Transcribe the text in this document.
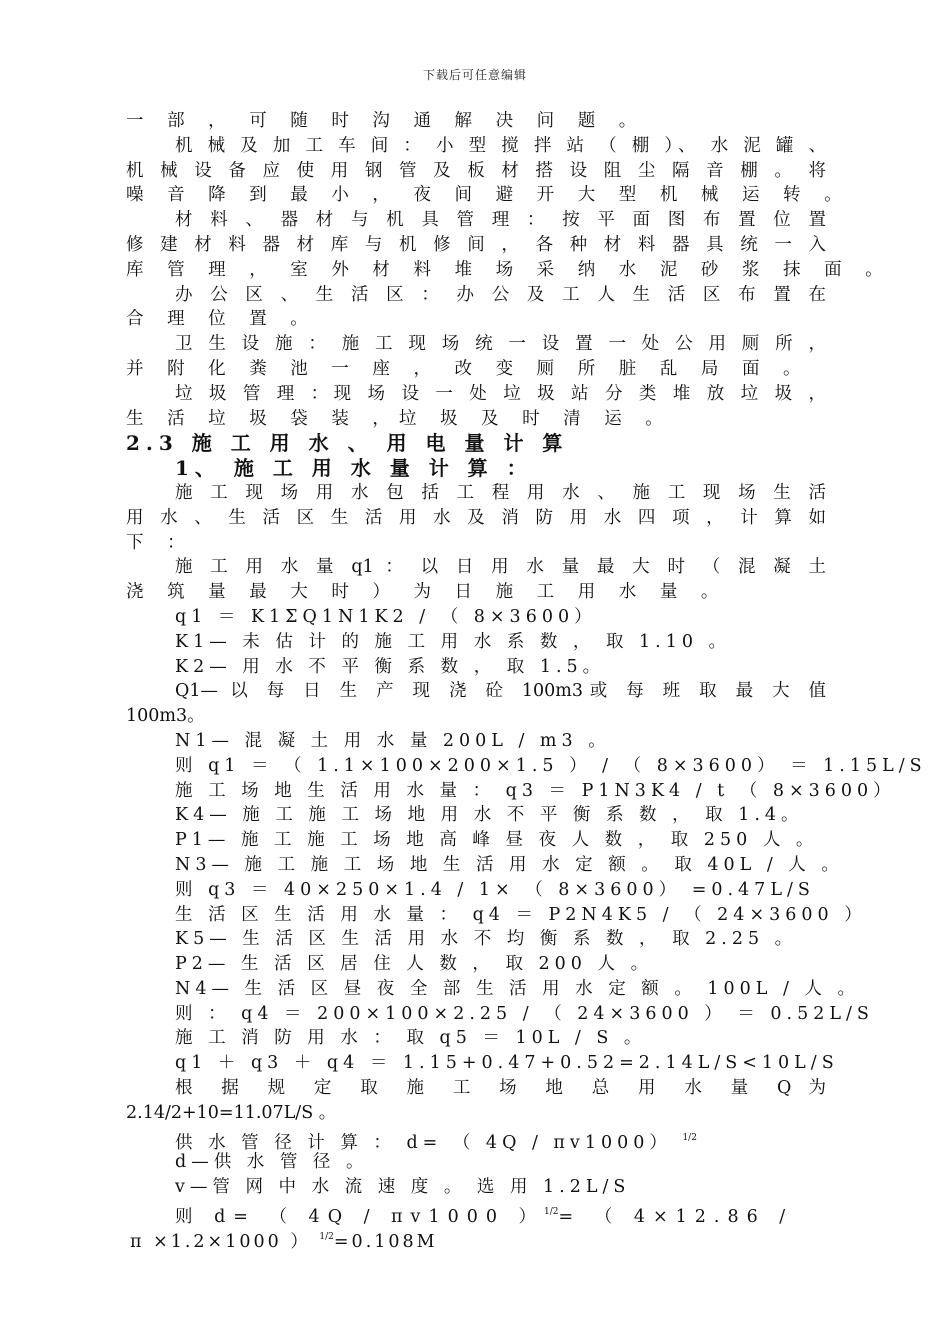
下载后可任意编辑
一 部 ， 可 随 时 沟 通 解 决 问 题 。
机 械 及 加 工 车 间 ： 小 型 搅 拌 站 （ 棚 ）、 水 泥 罐 、
机 械 设 备 应 使 用 钢 管 及 板 材 搭 设 阻 尘 隔 音 棚 。 将
噪 音 降 到 最 小 ， 夜 间 避 开 大 型 机 械 运 转 。
材 料 、 器 材 与 机 具 管 理 ： 按 平 面 图 布 置 位 置
修 建 材 料 器 材 库 与 机 修 间 ， 各 种 材 料 器 具 统 一 入
库 管 理 ， 室 外 材 料 堆 场 采 纳 水 泥 砂 浆 抹 面 。
办 公 区 、 生 活 区 ： 办 公 及 工 人 生 活 区 布 置 在
合 理 位 置 。
卫 生 设 施 ： 施 工 现 场 统 一 设 置 一 处 公 用 厕 所 ，
并 附 化 粪 池 一 座 ， 改 变 厕 所 脏 乱 局 面 。
垃 圾 管 理 ：现 场 设 一 处 垃 圾 站 分 类 堆 放 垃 圾 ，
生 活 垃 圾 袋 装 ，垃 圾 及 时 清 运 。
2.3 施 工 用 水 、 用 电 量 计 算
1、 施 工 用 水 量 计 算 ：
施 工 现 场 用 水 包 括 工 程 用 水 、 施 工 现 场 生 活
用 水 、 生 活 区 生 活 用 水 及 消 防 用 水 四 项 ， 计 算 如
下 ：
施 工 用 水 量 q1 ： 以 日 用 水 量 最 大 时 （ 混 凝 土
浇 筑 量 最 大 时 ） 为 日 施 工 用 水 量 。
q1 ＝ K1ΣQ1N1K2 / （ 8×3600）
K1— 未 估 计 的 施 工 用 水 系 数 ， 取 1.10 。
K2— 用 水 不 平 衡 系 数 ， 取 1.5。
Q1— 以 每 日 生 产 现 浇 砼 100m3或 每 班 取 最 大 值
100m3。
N1— 混 凝 土 用 水 量 200L / m3 。
则 q1 ＝ （ 1.1×100×200×1.5 ） / （ 8×3600） ＝ 1.15L/S
施 工 场 地 生 活 用 水 量 ： q3 ＝ P1N3K4 / t （ 8×3600）
K4— 施 工 施 工 场 地 用 水 不 平 衡 系 数 ， 取 1.4。
P1— 施 工 施 工 场 地 高 峰 昼 夜 人 数 ， 取 250 人 。
N3— 施 工 施 工 场 地 生 活 用 水 定 额 。 取 40L / 人 。
则 q3 ＝ 40×250×1.4 / 1× （ 8×3600） =0.47L/S
生 活 区 生 活 用 水 量 ： q4 ＝ P2N4K5 / （ 24×3600 ）
K5— 生 活 区 生 活 用 水 不 均 衡 系 数 ， 取 2.25 。
P2— 生 活 区 居 住 人 数 ， 取 200 人 。
N4— 生 活 区 昼 夜 全 部 生 活 用 水 定 额 。 100L / 人 。
则 ： q4 ＝ 200×100×2.25 / （ 24×3600 ） ＝ 0.52L/S
施 工 消 防 用 水 ： 取 q5 ＝ 10L / S 。
q1 ＋ q3 ＋ q4 ＝ 1.15+0.47+0.52=2.14L/S<10L/S
根 据 规 定 取 施 工 场 地 总 用 水 量 Q 为
2.14/2+10=11.07L/S 。
供 水 管 径 计 算 ： d= （ 4Q / πv1000） $^{1/2}$
d—供 水 管 径 。
v—管 网 中 水 流 速 度 。 选 用 1.2L/S
则 d= （ 4Q / πv1000 ）$^{1/2}$= （ 4×12.86 /
π ×1.2×1000 ） $^{1/2}$=0.108M
